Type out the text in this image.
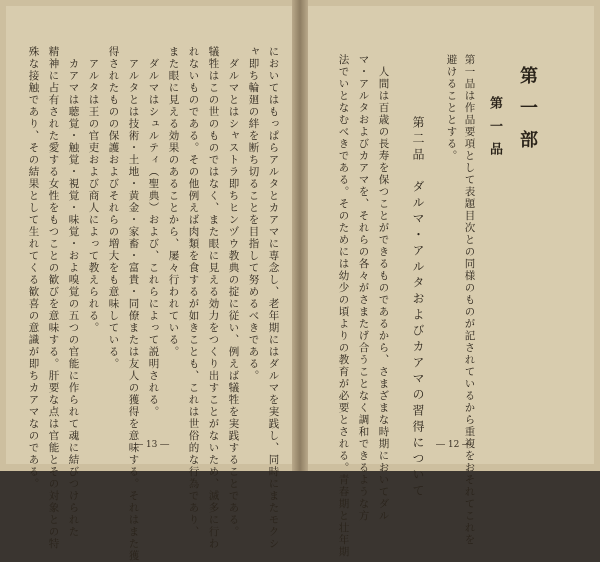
第一部
第一品
第一品は作品要項として表題目次との同様のものが記されているから重複をおそれてこれを
避けることとする。
第二品　ダルマ・アルタおよびカアマの習得について
人間は百歳の長寿を保つことができるものであるから、さまざまな時期においてダル
マ・アルタおよびカアマを、それらの各々がさまたげ合うことなく調和できるような方
法でいとなむべきである。そのためには幼少の頃よりの教育が必要とされる。青春期と壮年期	― 12 ―
においてはもっぱらアルタとカアマに専念し、老年期にはダルマを実践し、同時にまたモクシ
ャ即ち輪廻の絆を断ち切ることを目指して努めるべきである。
ダルマとはシャストラ即ちヒンヅウ教典の掟に従い、例えば犠牲を実践することである。
犠牲はこの世のものではなく、また眼に見える効力をつくり出すことがないため、滅多に行わ
れないものである。その他例えば肉類を食するが如きことも、これは世俗的な行為であり、
また眼に見える効果のあることから、屡々行われている。
ダルマはシュルティ（聖典）および、これらによって説明される。
アルタとは技術・土地・黄金・家畜・富貴・同僚または友人の獲得を意味する。それはまた獲
得されたものの保護およびそれらの増大をも意味している。
アルタは王の官吏および商人によって教えられる。
カアマは聴覚・触覚・視覚・味覚・およ嗅覚の五つの官能に作られて魂に結びつけられた
精神に占有された愛する女性をもつことの歓びを意味する。肝要な点は官能とその対象との特
殊な接触であり、その結果として生れてくる歓喜の意識が即ちカアマなのである。	― 13 ―
